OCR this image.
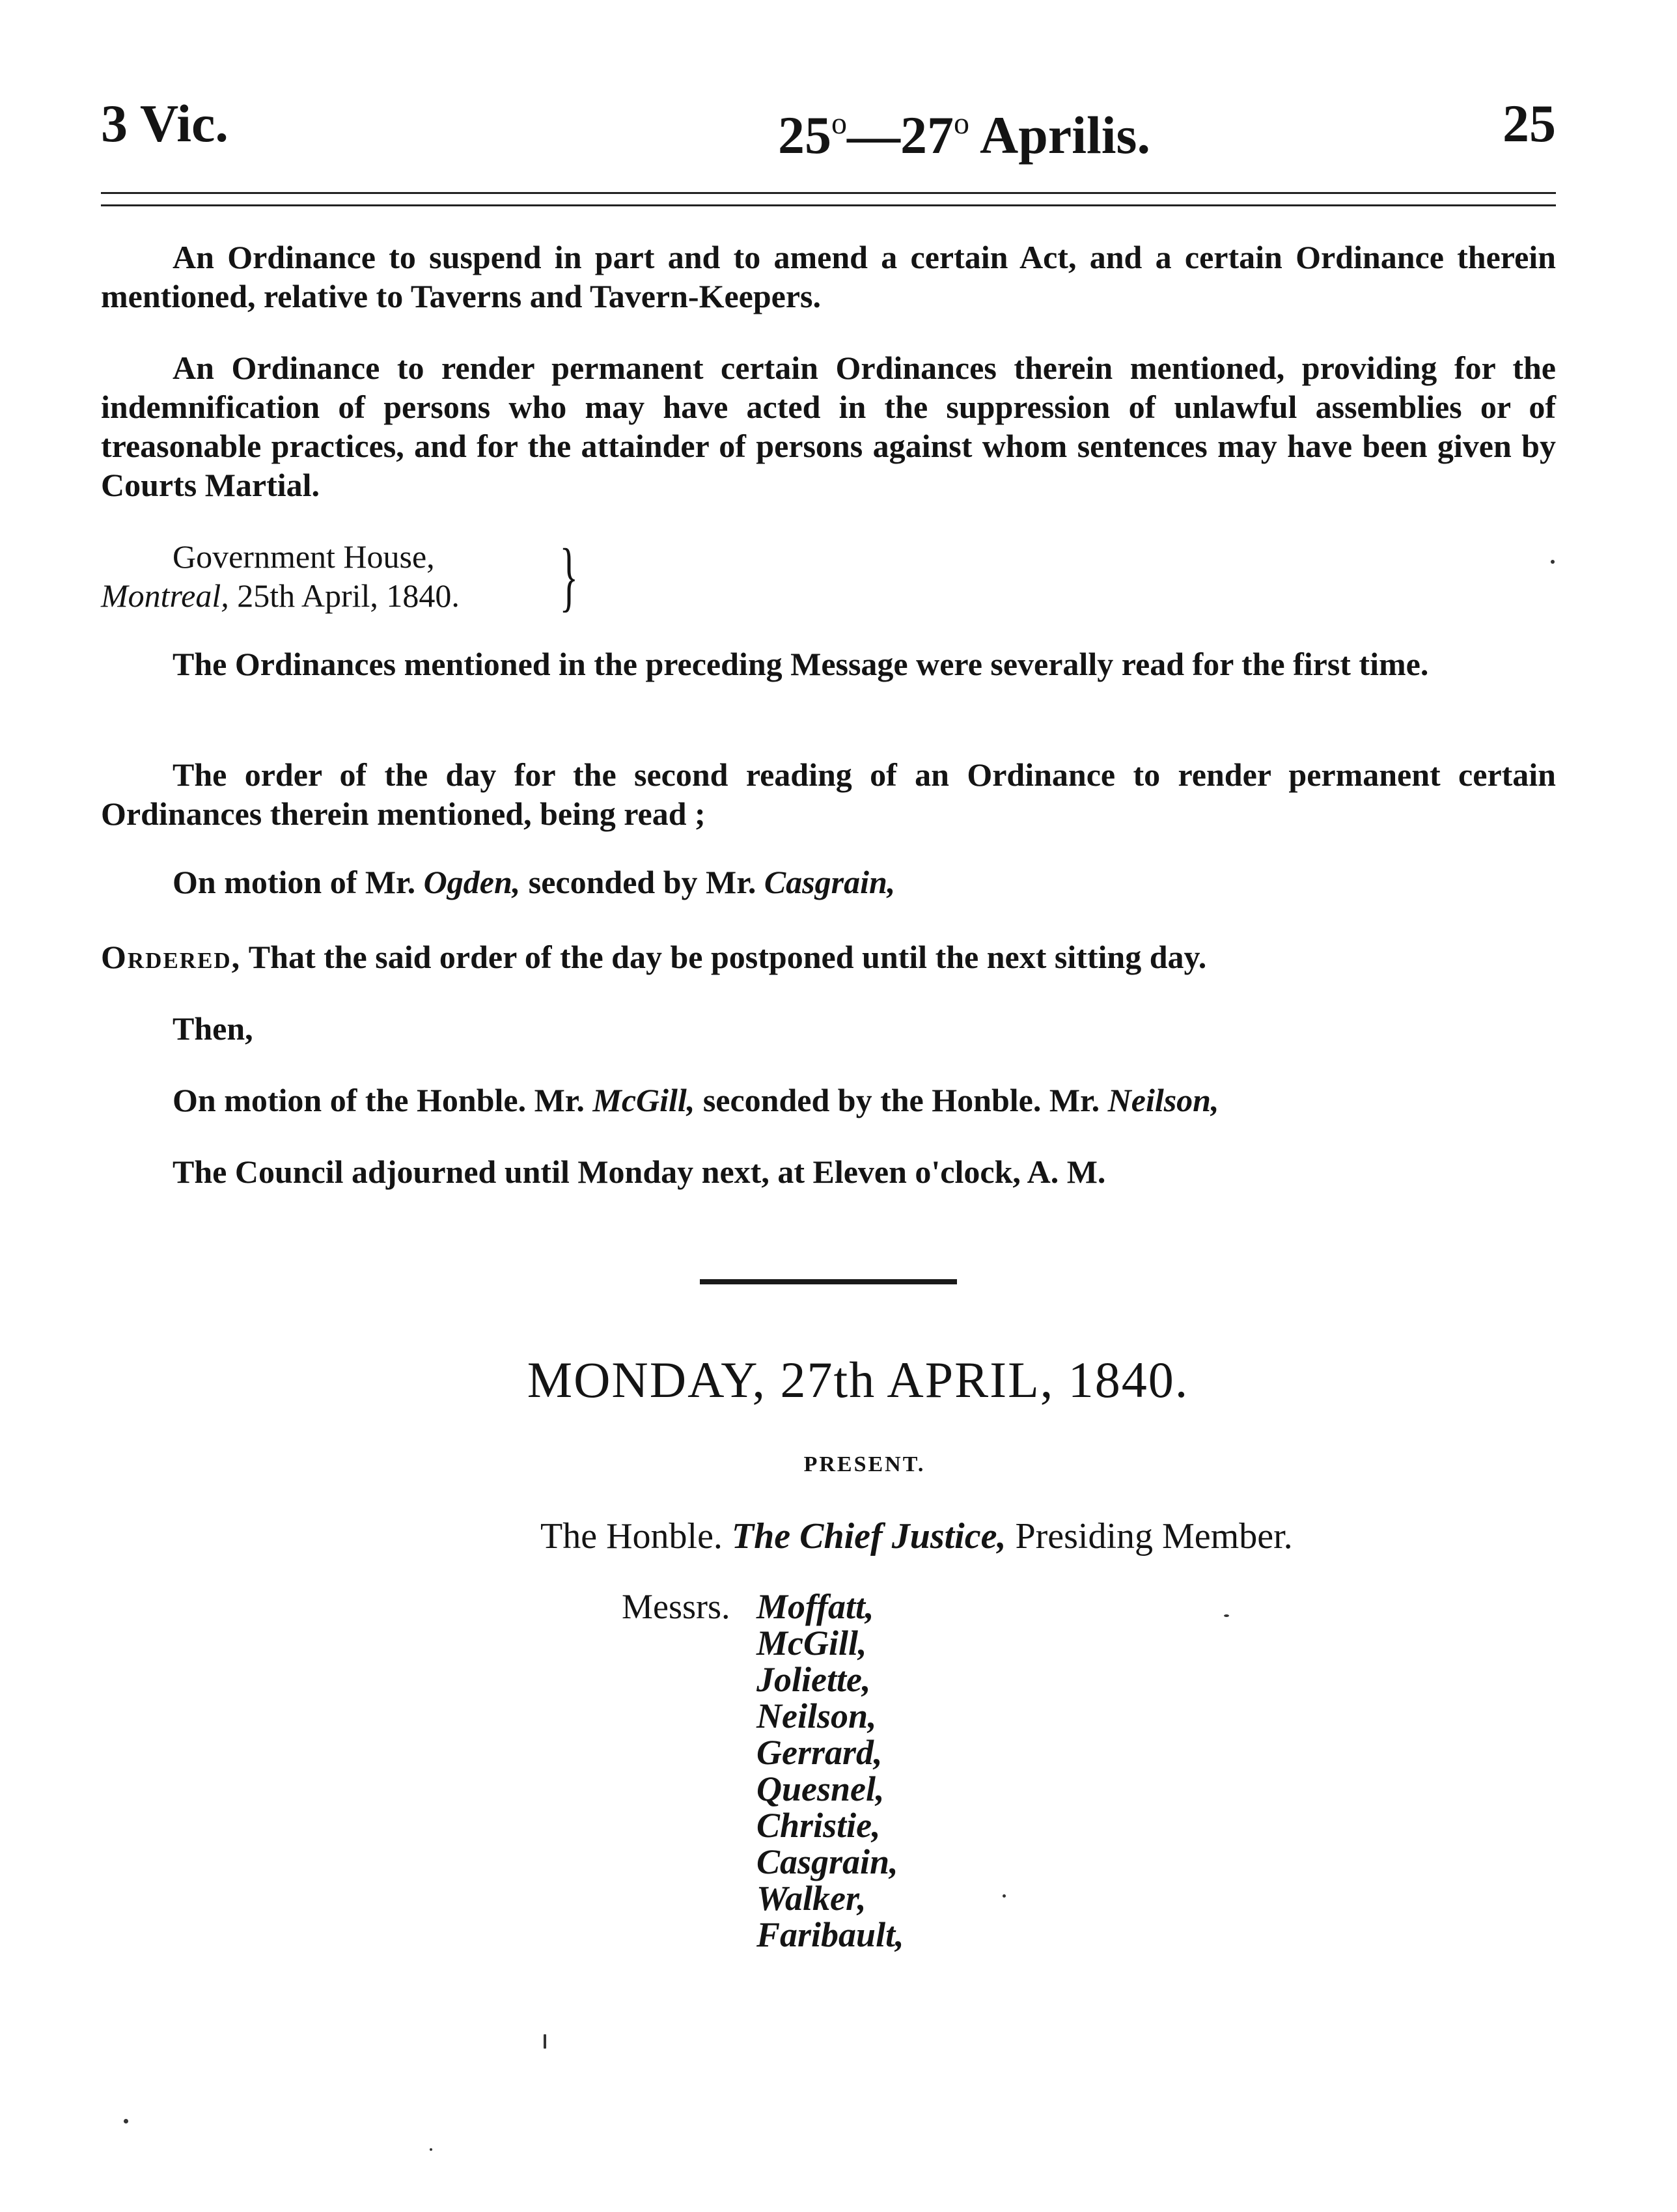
3 Vic.	25$^o$—27$^o$ Aprilis.	25

An Ordinance to suspend in part and to amend a certain Act, and a certain Ordinance therein mentioned, relative to Taverns and Tavern-Keepers.

An Ordinance to render permanent certain Ordinances therein mentioned, providing for the indemnification of persons who may have acted in the suppression of unlawful assemblies or of treasonable practices, and for the attainder of persons against whom sentences may have been given by Courts Martial.

Government House,
Montreal, 25th April, 1840. }

The Ordinances mentioned in the preceding Message were severally read for the first time.

The order of the day for the second reading of an Ordinance to render permanent certain Ordinances therein mentioned, being read ;

On motion of Mr. Ogden, seconded by Mr. Casgrain,

Ordered, That the said order of the day be postponed until the next sitting day.

Then,

On motion of the Honble. Mr. McGill, seconded by the Honble. Mr. Neilson,

The Council adjourned until Monday next, at Eleven o'clock, A. M.

MONDAY, 27th APRIL, 1840.
PRESENT.
The Honble. The Chief Justice, Presiding Member.
Messrs. Moffatt,
McGill,
Joliette,
Neilson,
Gerrard,
Quesnel,
Christie,
Casgrain,
Walker,
Faribault,
